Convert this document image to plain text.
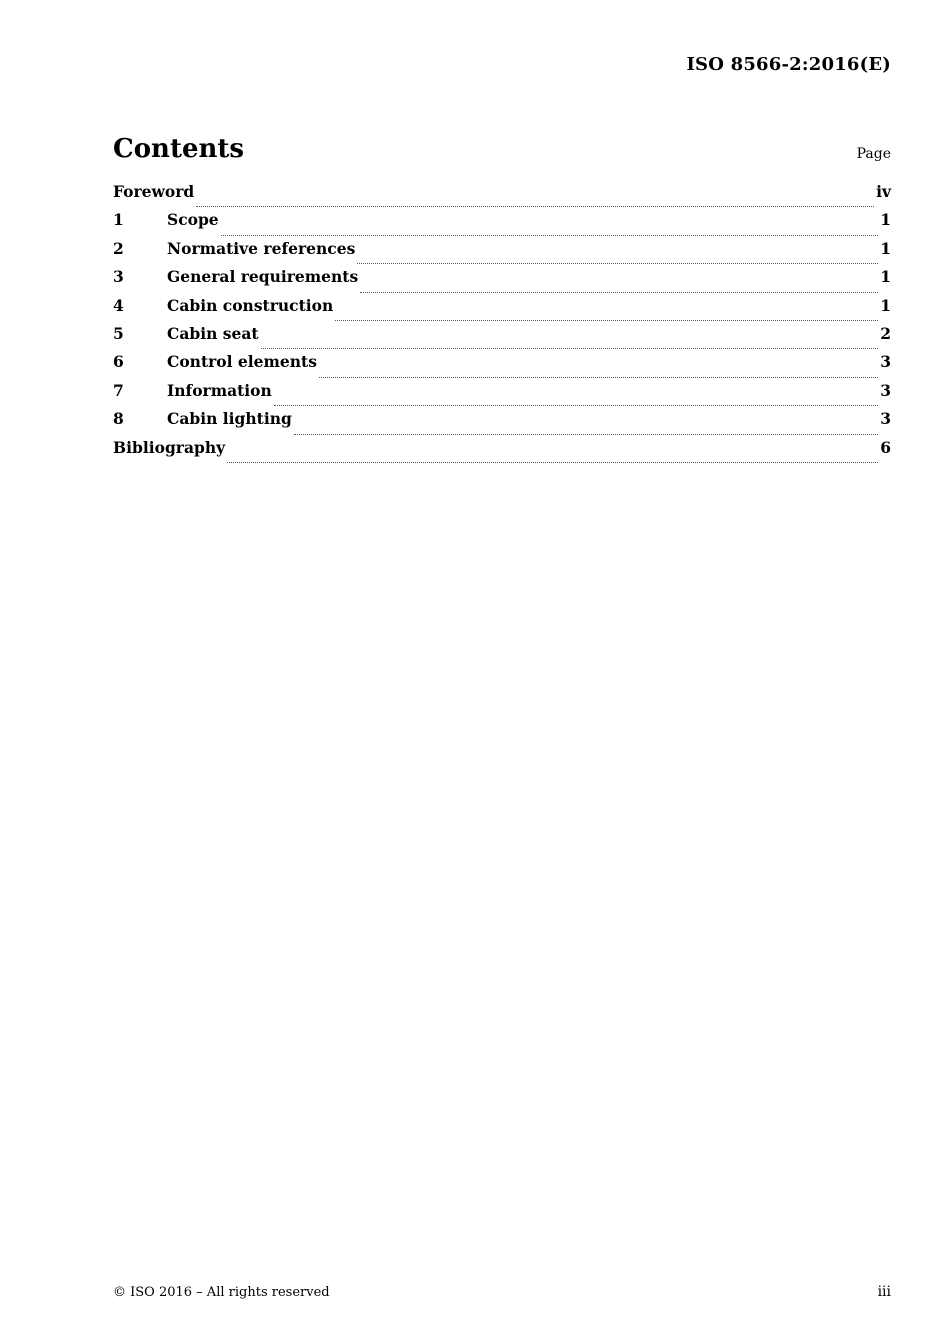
ISO 8566-2:2016(E)
Contents	Page
Foreword	iv
1	Scope	1
2	Normative references	1
3	General requirements	1
4	Cabin construction	1
5	Cabin seat	2
6	Control elements	3
7	Information	3
8	Cabin lighting	3
Bibliography	6
© ISO 2016 – All rights reserved	iii
